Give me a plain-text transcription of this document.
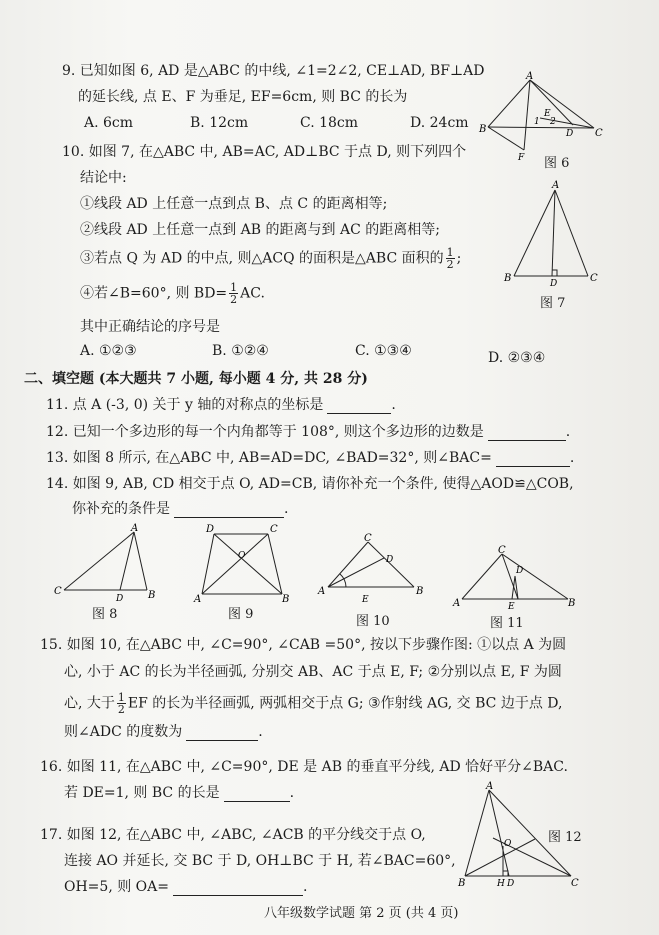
9. 已知如图 6, AD 是△ABC 的中线, ∠1=2∠2, CE⊥AD, BF⊥AD
的延长线, 点 E、F 为垂足, EF=6cm, 则 BC 的长为
A. 6cm	B. 12cm	C. 18cm	D. 24cm
A
B	C
D
E
F
1 2
图 6
10. 如图 7, 在△ABC 中, AB=AC, AD⊥BC 于点 D, 则下列四个
结论中:
①线段 AD 上任意一点到点 B、点 C 的距离相等;
②线段 AD 上任意一点到 AB 的距离与到 AC 的距离相等;
③若点 Q 为 AD 的中点, 则△ACQ 的面积是△ABC 面积的 $\frac{1}{2}$ ;
④若∠B=60°, 则 $BD= \frac{1}{2}$ AC.
其中正确结论的序号是
A. ①②③	B. ①②④	C. ①③④	D. ②③④
A
B	C
D
图 7
二、填空题 (本大题共 7 小题, 每小题 4 分, 共 28 分)
11. 点 A (-3, 0) 关于 y 轴的对称点的坐标是	.
12. 已知一个多边形的每一个内角都等于 108°, 则这个多边形的边数是	.
13. 如图 8 所示, 在△ABC 中, AB=AD=DC, ∠BAD=32°, 则∠BAC=	.
14. 如图 9, AB, CD 相交于点 O, AD=CB, 请你补充一个条件, 使得△AOD≌△COB,
你补充的条件是	.
A
C
D B
图 8
D	C
O
A	B
图 9
C
A	B
D
E
图 10
C
A	B
D
E
图 11
15. 如图 10, 在△ABC 中, ∠C=90°, ∠CAB =50°, 按以下步骤作图: ①以点 A 为圆
心, 小于 AC 的长为半径画弧, 分别交 AB、AC 于点 E, F; ②分别以点 E, F 为圆
心, 大于 $\frac{1}{2}$ EF 的长为半径画弧, 两弧相交于点 G; ③作射线 AG, 交 BC 边于点 D,
则∠ADC 的度数为	.
16. 如图 11, 在△ABC 中, ∠C=90°, DE 是 AB 的垂直平分线, AD 恰好平分∠BAC.
若 DE=1, 则 BC 的长是	.
17. 如图 12, 在△ABC 中, ∠ABC, ∠ACB 的平分线交于点 O,
连接 AO 并延长, 交 BC 于 D, OH⊥BC 于 H, 若∠BAC=60°,
OH=5, 则 OA=	.
A
O
B	H D	C
图 12
八年级数学试题 第 2 页 (共 4 页)
